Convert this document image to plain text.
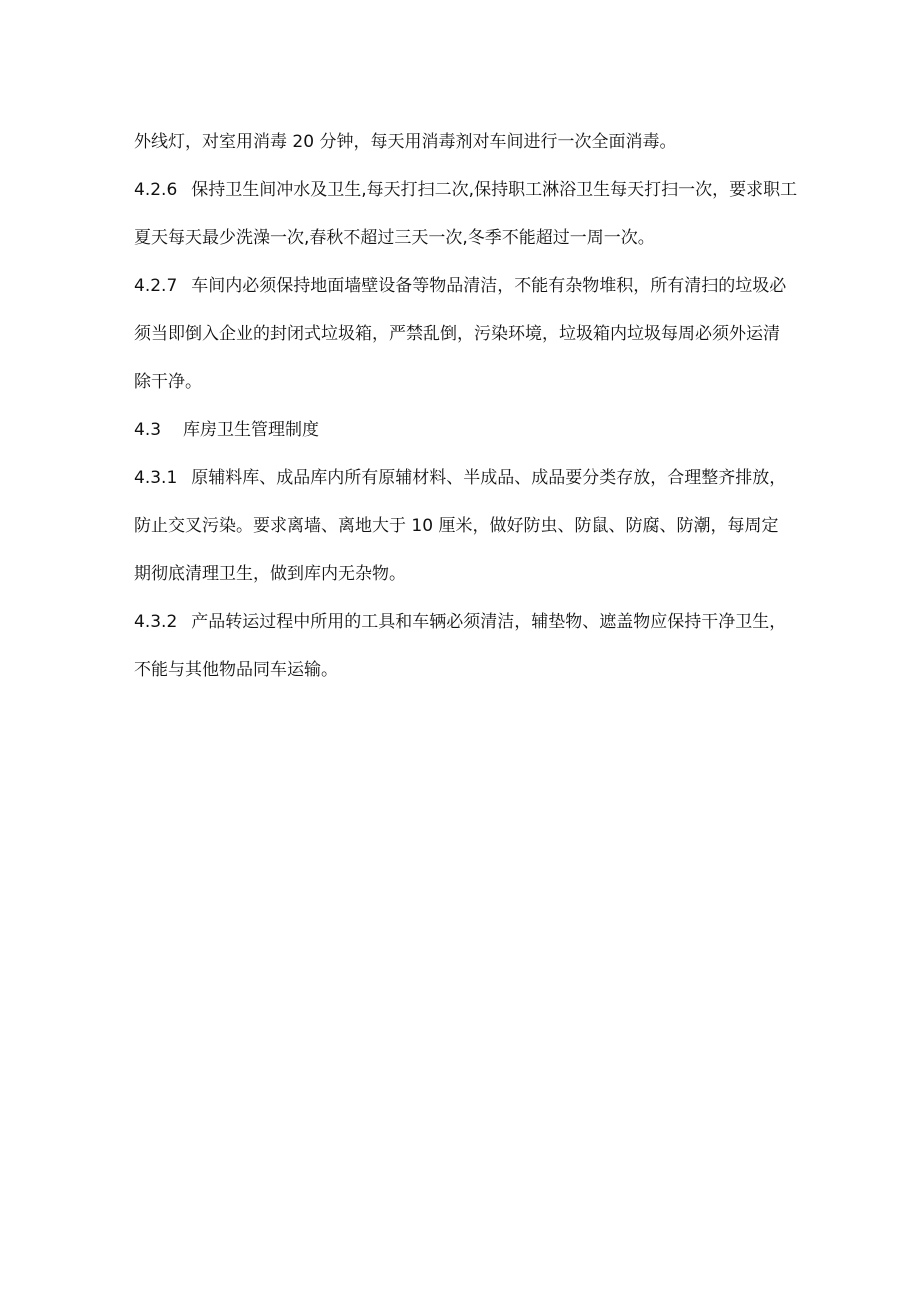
外线灯，对室用消毒 20 分钟，每天用消毒剂对车间进行一次全面消毒。
4.2.6 保持卫生间冲水及卫生,每天打扫二次,保持职工淋浴卫生每天打扫一次，要求职工
夏天每天最少洗澡一次,春秋不超过三天一次,冬季不能超过一周一次。
4.2.7 车间内必须保持地面墙壁设备等物品清洁，不能有杂物堆积，所有清扫的垃圾必
须当即倒入企业的封闭式垃圾箱，严禁乱倒，污染环境，垃圾箱内垃圾每周必须外运清
除干净。
4.3 库房卫生管理制度
4.3.1 原辅料库、成品库内所有原辅材料、半成品、成品要分类存放，合理整齐排放，
防止交叉污染。要求离墙、离地大于 10 厘米，做好防虫、防鼠、防腐、防潮，每周定
期彻底清理卫生，做到库内无杂物。
4.3.2 产品转运过程中所用的工具和车辆必须清洁，辅垫物、遮盖物应保持干净卫生，
不能与其他物品同车运输。
